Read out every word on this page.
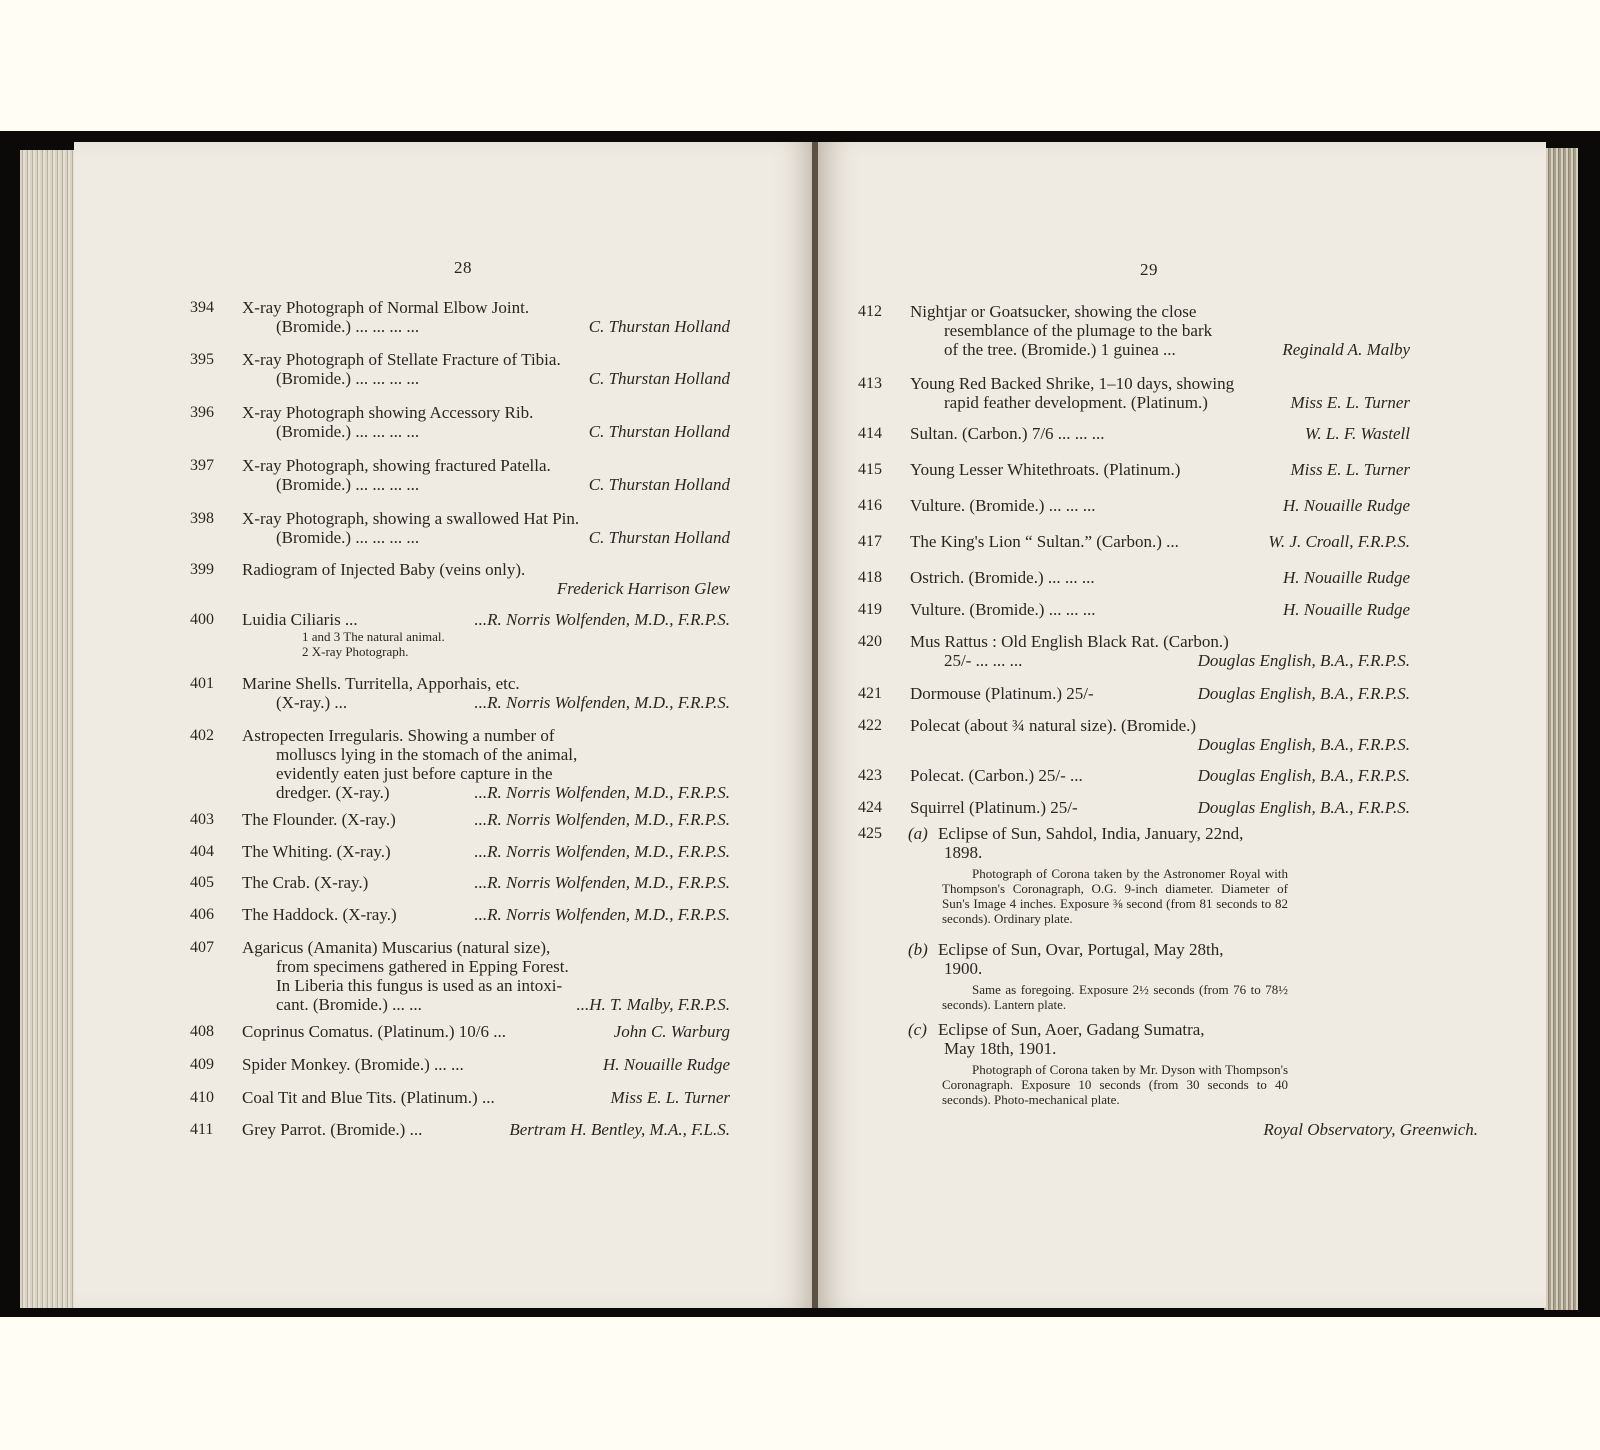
28
394 X-ray Photograph of Normal Elbow Joint.
(Bromide.) ... ... ... ...	C. Thurstan Holland
395 X-ray Photograph of Stellate Fracture of Tibia.
(Bromide.) ... ... ... ...	C. Thurstan Holland
396 X-ray Photograph showing Accessory Rib.
(Bromide.) ... ... ... ...	C. Thurstan Holland
397 X-ray Photograph, showing fractured Patella.
(Bromide.) ... ... ... ...	C. Thurstan Holland
398 X-ray Photograph, showing a swallowed Hat Pin.
(Bromide.) ... ... ... ...	C. Thurstan Holland
399 Radiogram of Injected Baby (veins only).
Frederick Harrison Glew
400 Luidia Ciliaris ...
1 and 3 The natural animal.
2 X-ray Photograph.
...R. Norris Wolfenden, M.D., F.R.P.S.
401 Marine Shells. Turritella, Apporhais, etc.
(X-ray.) ...	...R. Norris Wolfenden, M.D., F.R.P.S.
402 Astropecten Irregularis. Showing a number of
molluscs lying in the stomach of the animal,
evidently eaten just before capture in the
dredger. (X-ray.)	...R. Norris Wolfenden, M.D., F.R.P.S.
403 The Flounder. (X-ray.)	...R. Norris Wolfenden, M.D., F.R.P.S.
404 The Whiting. (X-ray.)	...R. Norris Wolfenden, M.D., F.R.P.S.
405 The Crab. (X-ray.)	...R. Norris Wolfenden, M.D., F.R.P.S.
406 The Haddock. (X-ray.)	...R. Norris Wolfenden, M.D., F.R.P.S.
407 Agaricus (Amanita) Muscarius (natural size),
from specimens gathered in Epping Forest.
In Liberia this fungus is used as an intoxi-
cant. (Bromide.) ... ...	...H. T. Malby, F.R.P.S.
408 Coprinus Comatus. (Platinum.) 10/6 ...	John C. Warburg
409 Spider Monkey. (Bromide.) ... ...	H. Nouaille Rudge
410 Coal Tit and Blue Tits. (Platinum.) ...	Miss E. L. Turner
411 Grey Parrot. (Bromide.) ...	Bertram H. Bentley, M.A., F.L.S.
29
412 Nightjar or Goatsucker, showing the close
resemblance of the plumage to the bark
of the tree. (Bromide.) 1 guinea ...	Reginald A. Malby
413 Young Red Backed Shrike, 1–10 days, showing
rapid feather development. (Platinum.)	Miss E. L. Turner
414 Sultan. (Carbon.) 7/6 ... ... ...	W. L. F. Wastell
415 Young Lesser Whitethroats. (Platinum.)	Miss E. L. Turner
416 Vulture. (Bromide.) ... ... ...	H. Nouaille Rudge
417 The King's Lion “ Sultan.” (Carbon.) ...	W. J. Croall, F.R.P.S.
418 Ostrich. (Bromide.) ... ... ...	H. Nouaille Rudge
419 Vulture. (Bromide.) ... ... ...	H. Nouaille Rudge
420 Mus Rattus : Old English Black Rat. (Carbon.)
25/- ... ... ...	Douglas English, B.A., F.R.P.S.
421 Dormouse (Platinum.) 25/-	Douglas English, B.A., F.R.P.S.
422 Polecat (about ¾ natural size). (Bromide.)
Douglas English, B.A., F.R.P.S.
423 Polecat. (Carbon.) 25/- ...	Douglas English, B.A., F.R.P.S.
424 Squirrel (Platinum.) 25/-	Douglas English, B.A., F.R.P.S.
425 (a) Eclipse of Sun, Sahdol, India, January, 22nd,
1898.
Photograph of Corona taken by the Astronomer Royal with Thompson's Coronagraph, O.G. 9-inch diameter. Diameter of Sun's Image 4 inches. Exposure ⅜ second (from 81 seconds to 82 seconds). Ordinary plate.
(b) Eclipse of Sun, Ovar, Portugal, May 28th,
1900.
Same as foregoing. Exposure 2½ seconds (from 76 to 78½ seconds). Lantern plate.
(c) Eclipse of Sun, Aoer, Gadang Sumatra,
May 18th, 1901.
Photograph of Corona taken by Mr. Dyson with Thompson's Coronagraph. Exposure 10 seconds (from 30 seconds to 40 seconds). Photo-mechanical plate.
Royal Observatory, Greenwich.
